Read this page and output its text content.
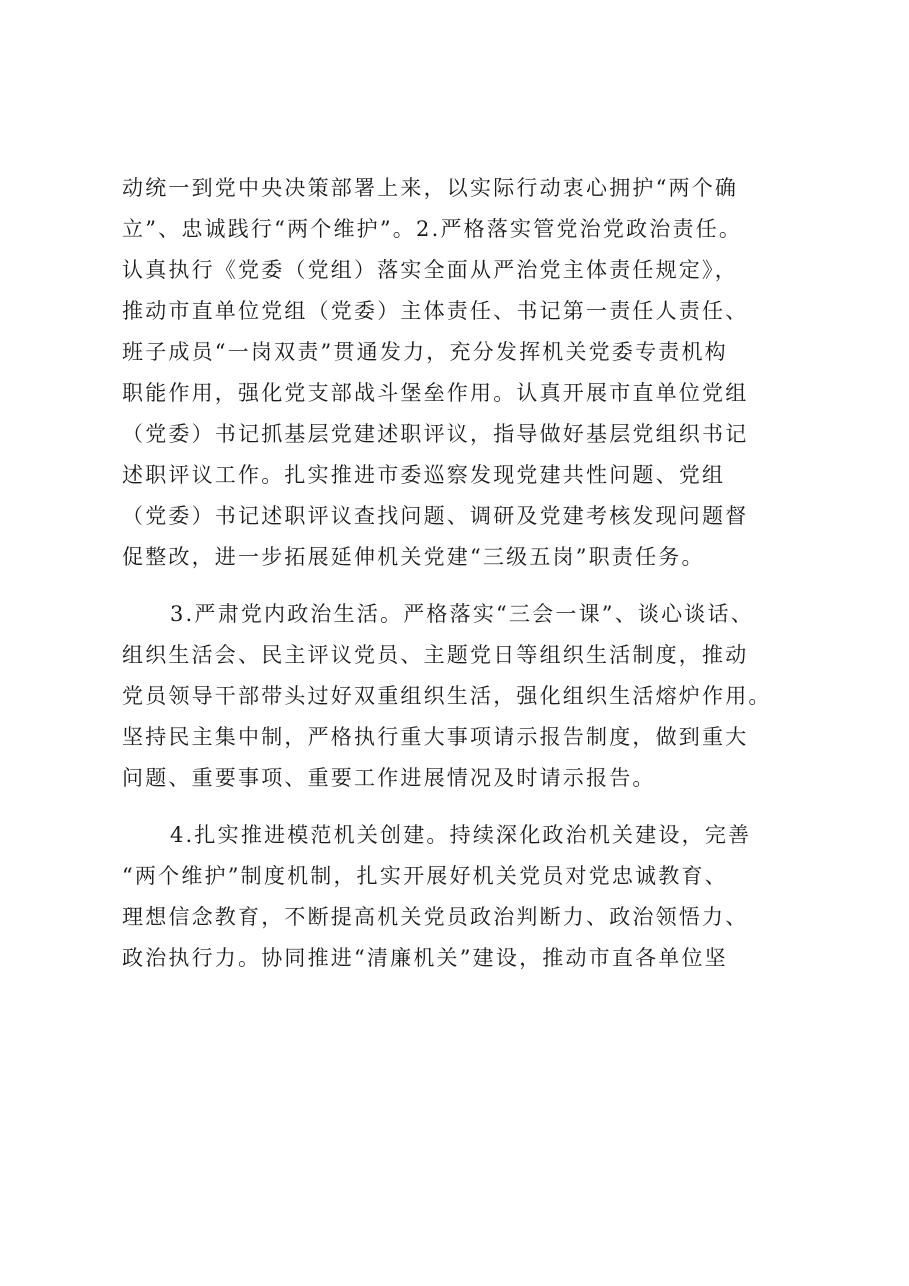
动统一到党中央决策部署上来，以实际行动衷心拥护“两个确
立”、忠诚践行“两个维护”。2.严格落实管党治党政治责任。
认真执行《党委（党组）落实全面从严治党主体责任规定》，
推动市直单位党组（党委）主体责任、书记第一责任人责任、
班子成员“一岗双责”贯通发力，充分发挥机关党委专责机构
职能作用，强化党支部战斗堡垒作用。认真开展市直单位党组
（党委）书记抓基层党建述职评议，指导做好基层党组织书记
述职评议工作。扎实推进市委巡察发现党建共性问题、党组
（党委）书记述职评议查找问题、调研及党建考核发现问题督
促整改，进一步拓展延伸机关党建“三级五岗”职责任务。
3.严肃党内政治生活。严格落实“三会一课”、谈心谈话、
组织生活会、民主评议党员、主题党日等组织生活制度，推动
党员领导干部带头过好双重组织生活，强化组织生活熔炉作用。
坚持民主集中制，严格执行重大事项请示报告制度，做到重大
问题、重要事项、重要工作进展情况及时请示报告。
4.扎实推进模范机关创建。持续深化政治机关建设，完善
“两个维护”制度机制，扎实开展好机关党员对党忠诚教育、
理想信念教育，不断提高机关党员政治判断力、政治领悟力、
政治执行力。协同推进“清廉机关”建设，推动市直各单位坚
